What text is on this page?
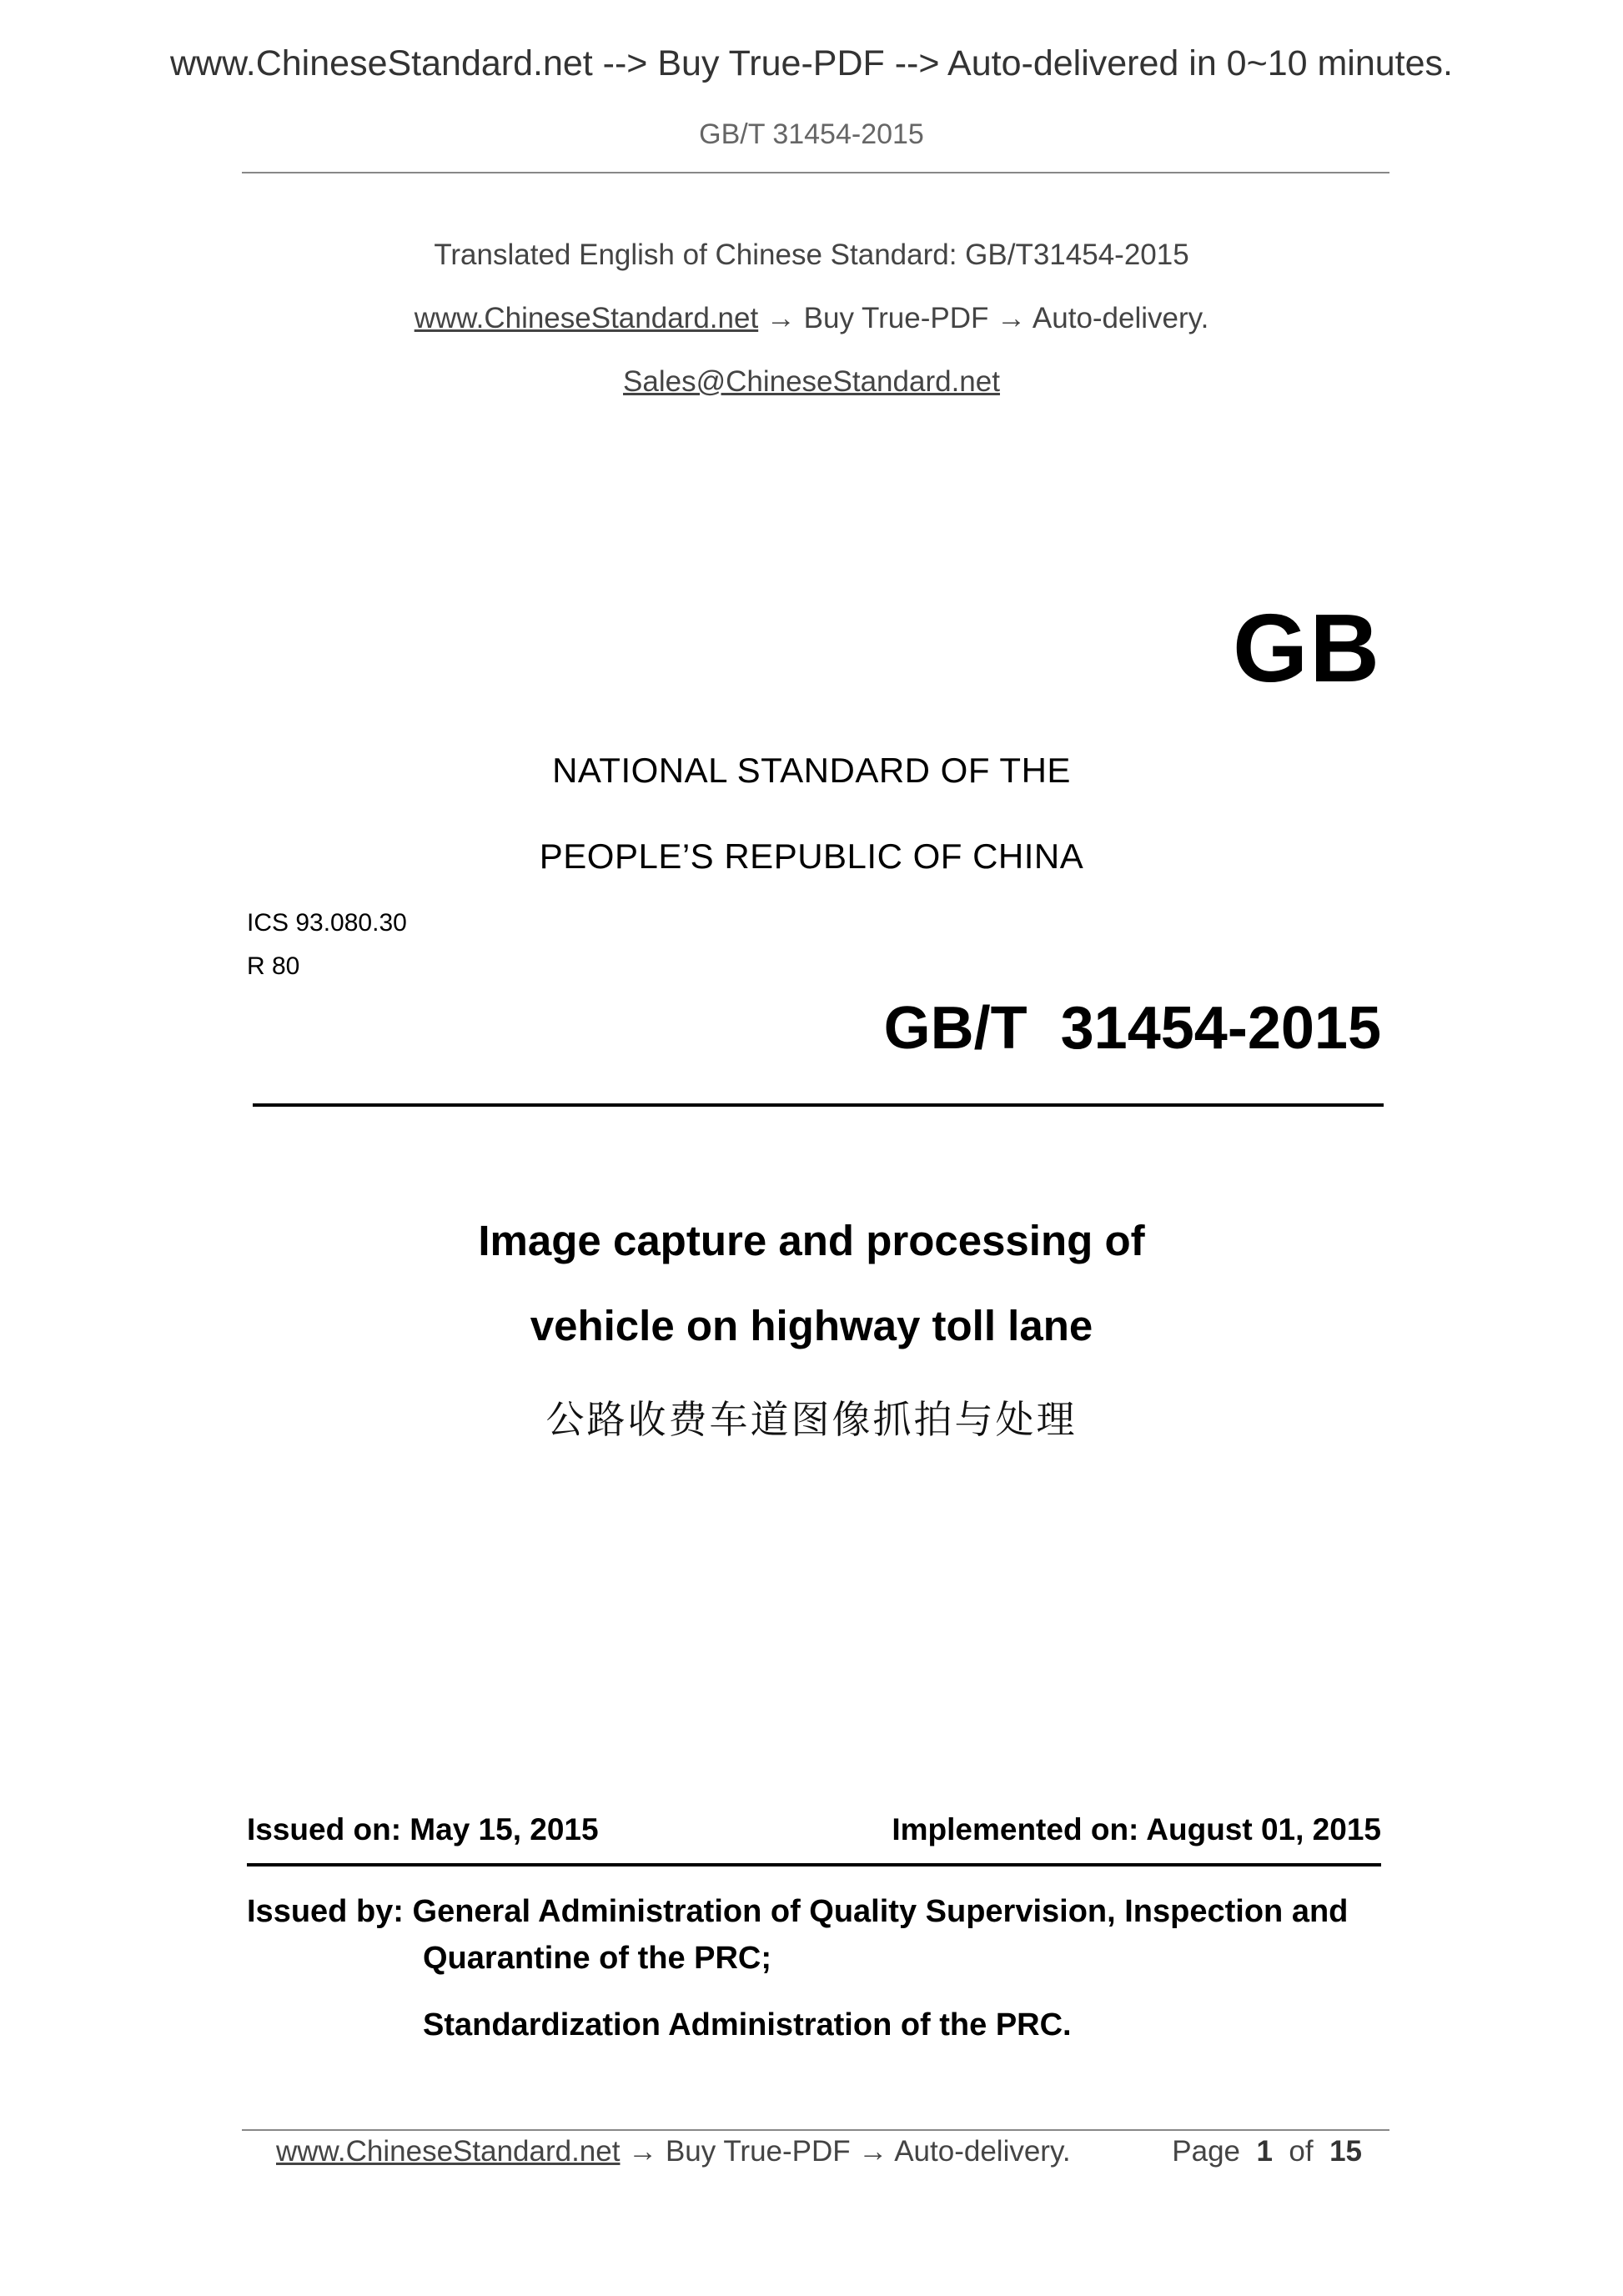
www.ChineseStandard.net --> Buy True-PDF --> Auto-delivered in 0~10 minutes.
GB/T 31454-2015
Translated English of Chinese Standard: GB/T31454-2015
www.ChineseStandard.net → Buy True-PDF → Auto-delivery.
Sales@ChineseStandard.net
GB
NATIONAL STANDARD OF THE
PEOPLE’S REPUBLIC OF CHINA
ICS 93.080.30
R 80
GB/T  31454-2015
Image capture and processing of
vehicle on highway toll lane
公路收费车道图像抓拍与处理
Issued on: May 15, 2015	Implemented on: August 01, 2015
Issued by: General Administration of Quality Supervision, Inspection and
Quarantine of the PRC;
Standardization Administration of the PRC.
www.ChineseStandard.net → Buy True-PDF → Auto-delivery.	Page 1 of 15
